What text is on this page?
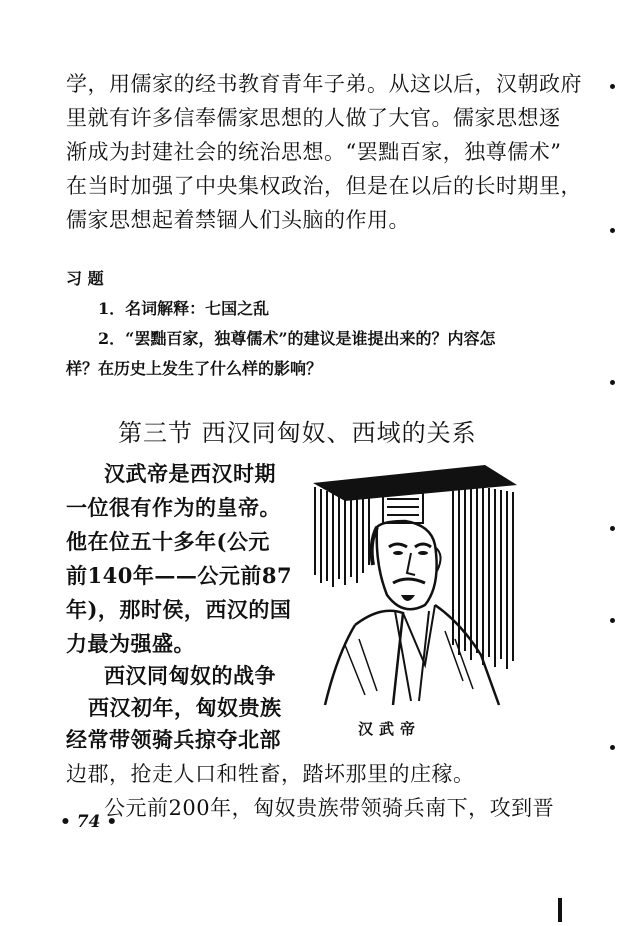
学，用儒家的经书教育青年子弟。从这以后，汉朝政府
里就有许多信奉儒家思想的人做了大官。儒家思想逐
渐成为封建社会的统治思想。“罢黜百家，独尊儒术”
在当时加强了中央集权政治，但是在以后的长时期里，
儒家思想起着禁锢人们头脑的作用。
习 题
1．名词解释：七国之乱
2．“罢黜百家，独尊儒术”的建议是谁提出来的？内容怎
样？在历史上发生了什么样的影响？
第三节 西汉同匈奴、西域的关系
汉武帝是西汉时期
一位很有作为的皇帝。
他在位五十多年(公元
前140年——公元前87
年)，那时侯，西汉的国
力最为强盛。
西汉同匈奴的战争
西汉初年，匈奴贵族
经常带领骑兵掠夺北部
边郡，抢走人口和牲畜，踏坏那里的庄稼。
公元前200年，匈奴贵族带领骑兵南下，攻到晋
汉武帝
• 74 •
